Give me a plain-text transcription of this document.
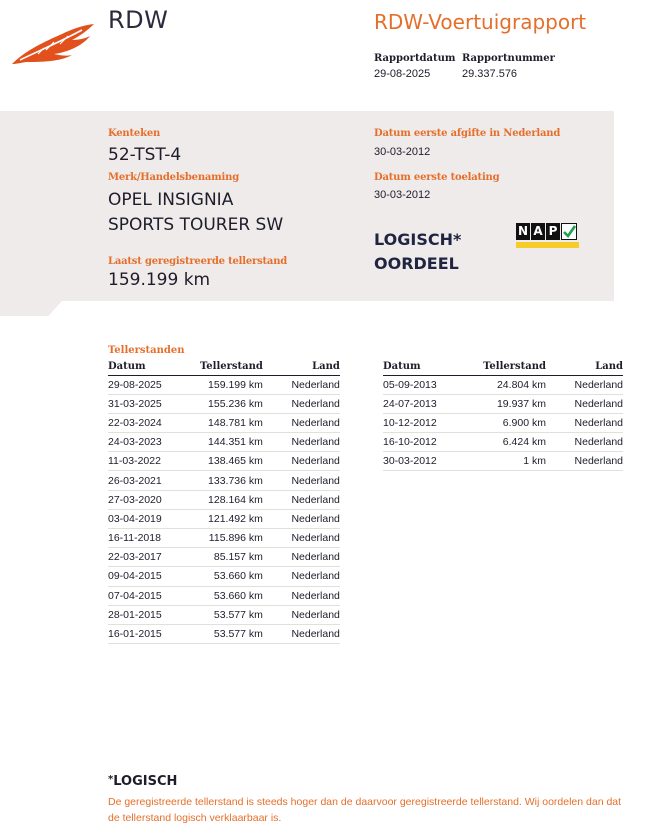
RDW	RDW-Voertuigrapport
Rapportdatum
29-08-2025
Rapportnummer
29.337.576
Kenteken
52-TST-4
Merk/Handelsbenaming
OPEL INSIGNIA
SPORTS TOURER SW
Laatst geregistreerde tellerstand
159.199 km
Datum eerste afgifte in Nederland
30-03-2012
Datum eerste toelating
30-03-2012
LOGISCH*
OORDEEL
N A P
Tellerstanden
Datum	Tellerstand	Land
29-08-2025	159.199 km	Nederland
31-03-2025	155.236 km	Nederland
22-03-2024	148.781 km	Nederland
24-03-2023	144.351 km	Nederland
11-03-2022	138.465 km	Nederland
26-03-2021	133.736 km	Nederland
27-03-2020	128.164 km	Nederland
03-04-2019	121.492 km	Nederland
16-11-2018	115.896 km	Nederland
22-03-2017	85.157 km	Nederland
09-04-2015	53.660 km	Nederland
07-04-2015	53.660 km	Nederland
28-01-2015	53.577 km	Nederland
16-01-2015	53.577 km	Nederland
Datum	Tellerstand	Land
05-09-2013	24.804 km	Nederland
24-07-2013	19.937 km	Nederland
10-12-2012	6.900 km	Nederland
16-10-2012	6.424 km	Nederland
30-03-2012	1 km	Nederland
*LOGISCH
De geregistreerde tellerstand is steeds hoger dan de daarvoor geregistreerde tellerstand. Wij oordelen dan dat de tellerstand logisch verklaarbaar is.
